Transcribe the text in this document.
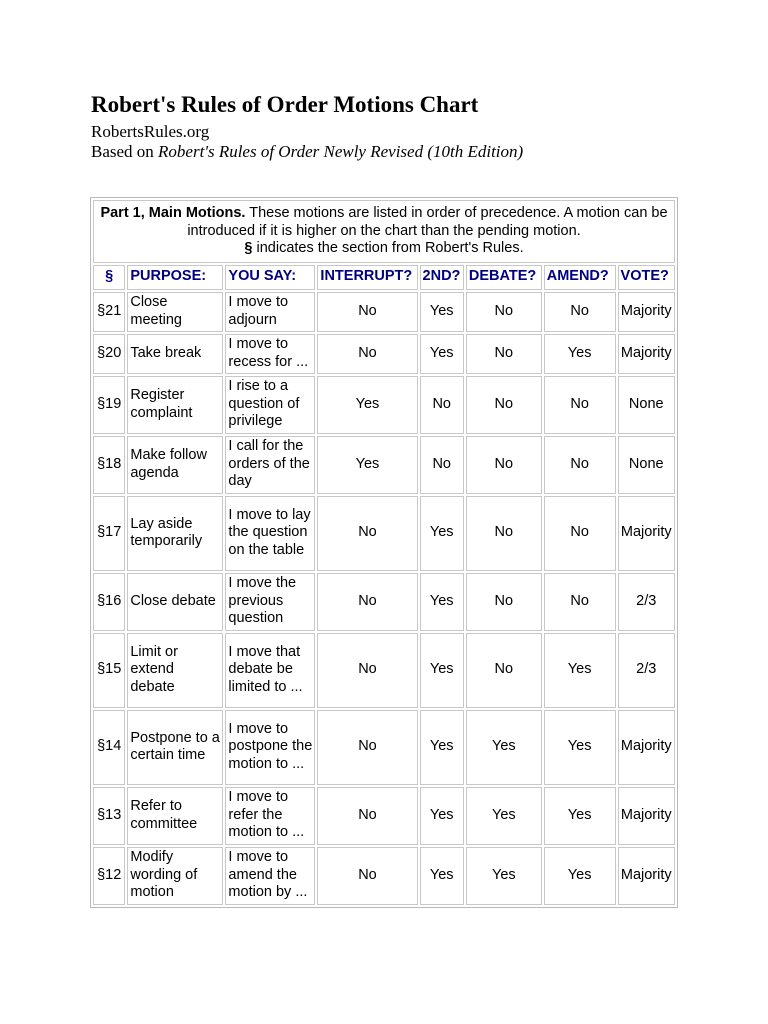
Robert's Rules of Order Motions Chart
RobertsRules.org
Based on Robert's Rules of Order Newly Revised (10th Edition)
Part 1, Main Motions. These motions are listed in order of precedence. A motion can be introduced if it is higher on the chart than the pending motion.
§ indicates the section from Robert's Rules.							
§	PURPOSE:	YOU SAY:	INTERRUPT?	2ND?	DEBATE?	AMEND?	VOTE?
§21	Close meeting	I move to adjourn	No	Yes	No	No	Majority
§20	Take break	I move to recess for ...	No	Yes	No	Yes	Majority
§19	Register complaint	I rise to a question of privilege	Yes	No	No	No	None
§18	Make follow agenda	I call for the orders of the day	Yes	No	No	No	None
§17	Lay aside temporarily	I move to lay the question on the table	No	Yes	No	No	Majority
§16	Close debate	I move the previous question	No	Yes	No	No	2/3
§15	Limit or extend debate	I move that debate be limited to ...	No	Yes	No	Yes	2/3
§14	Postpone to a certain time	I move to postpone the motion to ...	No	Yes	Yes	Yes	Majority
§13	Refer to committee	I move to refer the motion to ...	No	Yes	Yes	Yes	Majority
§12	Modify wording of motion	I move to amend the motion by ...	No	Yes	Yes	Yes	Majority
